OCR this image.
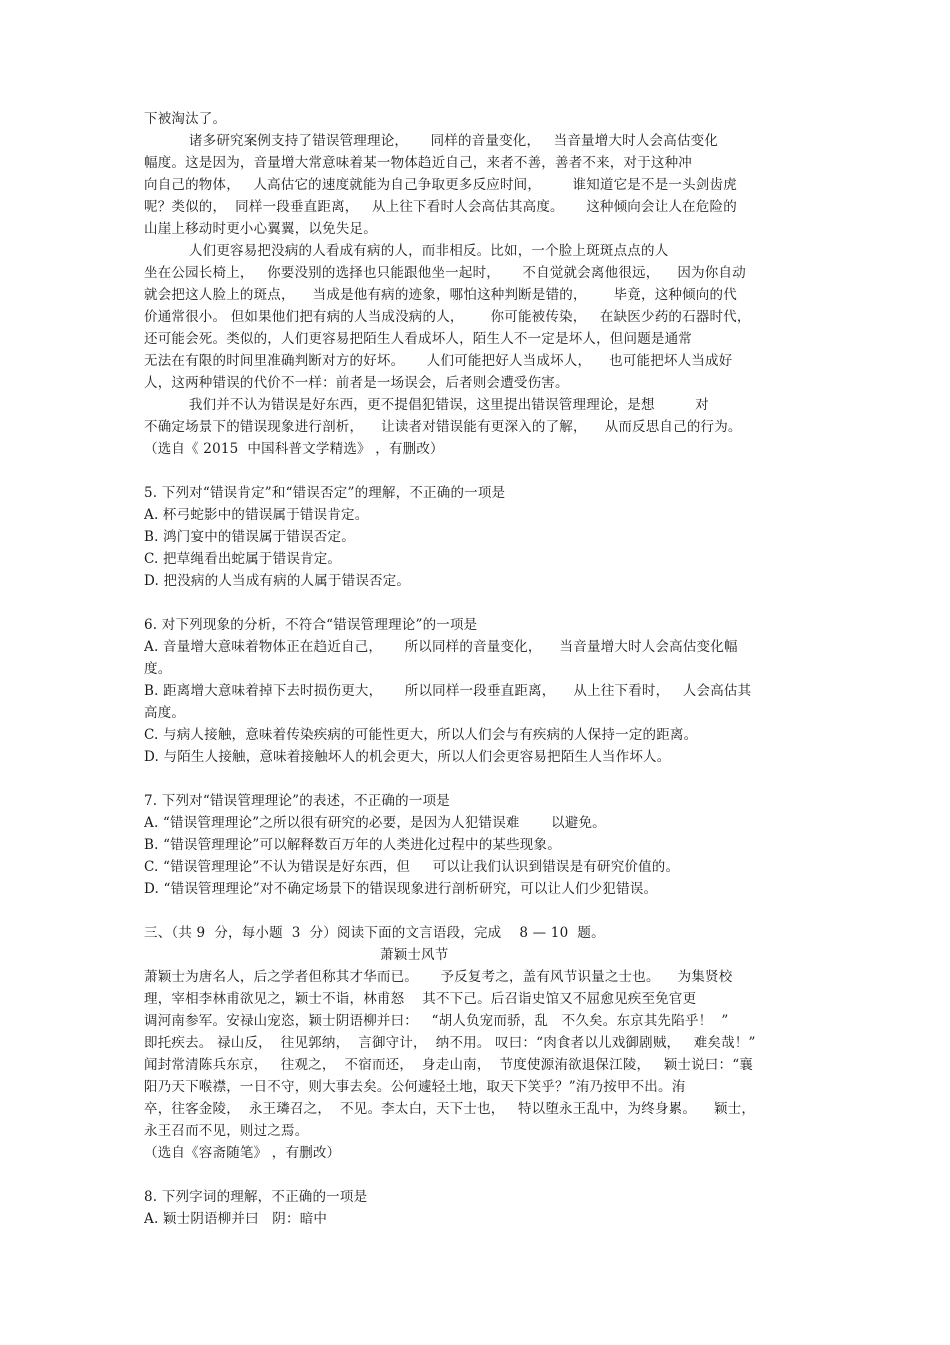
下被淘汰了。
诸多研究案例支持了错误管理理论，     同样的音量变化，   当音量增大时人会高估变化
幅度。这是因为，音量增大常意味着某一物体趋近自己，来者不善，善者不来，对于这种冲
向自己的物体，   人高估它的速度就能为自己争取更多反应时间，       谁知道它是不是一头剑齿虎
呢？类似的，  同样一段垂直距离，   从上往下看时人会高估其高度。     这种倾向会让人在危险的
山崖上移动时更小心翼翼，以免失足。
人们更容易把没病的人看成有病的人，而非相反。比如，一个脸上斑斑点点的人
坐在公园长椅上，   你要没别的选择也只能跟他坐一起时，     不自觉就会离他很远，    因为你自动
就会把这人脸上的斑点，    当成是他有病的迹象，哪怕这种判断是错的，      毕竟，这种倾向的代
价通常很小。 但如果他们把有病的人当成没病的人，      你可能被传染，   在缺医少药的石器时代，
还可能会死。类似的，人们更容易把陌生人看成坏人，陌生人不一定是坏人，但问题是通常
无法在有限的时间里准确判断对方的好坏。     人们可能把好人当成坏人，    也可能把坏人当成好
人，这两种错误的代价不一样：前者是一场误会，后者则会遭受伤害。
我们并不认为错误是好东西，更不提倡犯错误，这里提出错误管理理论，是想         对
不确定场景下的错误现象进行剖析，    让读者对错误能有更深入的了解，    从而反思自己的行为。
（选自《 2015  中国科普文学精选》 ，有删改）
5. 下列对“错误肯定”和“错误否定”的理解，不正确的一项是
A. 杯弓蛇影中的错误属于错误肯定。
B. 鸿门宴中的错误属于错误否定。
C. 把草绳看出蛇属于错误肯定。
D. 把没病的人当成有病的人属于错误否定。
6. 对下列现象的分析，不符合“错误管理理论”的一项是
A. 音量增大意味着物体正在趋近自己，     所以同样的音量变化，    当音量增大时人会高估变化幅
度。
B. 距离增大意味着掉下去时损伤更大，     所以同样一段垂直距离，    从上往下看时，   人会高估其
高度。
C. 与病人接触，意味着传染疾病的可能性更大，所以人们会与有疾病的人保持一定的距离。
D. 与陌生人接触，意味着接触坏人的机会更大，所以人们会更容易把陌生人当作坏人。
7. 下列对“错误管理理论”的表述，不正确的一项是
A. “错误管理理论”之所以很有研究的必要，是因为人犯错误难       以避免。
B. “错误管理理论”可以解释数百万年的人类进化过程中的某些现象。
C. “错误管理理论”不认为错误是好东西，但     可以让我们认识到错误是有研究价值的。
D. “错误管理理论”对不确定场景下的错误现象进行剖析研究，可以让人们少犯错误。
三、（共 9  分，每小题  3  分）阅读下面的文言语段，完成    8 — 10  题。
萧颖士风节
萧颖士为唐名人，后之学者但称其才华而已。     予反复考之，盖有风节识量之士也。    为集贤校
理，宰相李林甫欲见之，颖士不诣，林甫怒    其不下己。后召诣史馆又不屈愈见疾至免官更
调河南参军。安禄山宠恣，颖士阴语柳并曰：   “胡人负宠而骄，乱   不久矣。东京其先陷乎！  ”
即托疾去。 禄山反，  往见郭纳，  言御守计，  纳不用。 叹曰：“肉食者以儿戏御剧贼，   难矣哉！”
闻封常清陈兵东京，   往观之，  不宿而还，  身走山南，  节度使源洧欲退保江陵，   颖士说曰：“襄
阳乃天下喉襟，一日不守，则大事去矣。公何遽轻土地，取天下笑乎？”洧乃按甲不出。洧
卒，往客金陵，  永王璘召之，  不见。李太白，天下士也，   特以堕永王乱中，为终身累。    颖士，
永王召而不见，则过之焉。
（选自《容斋随笔》 ，有删改）
8. 下列字词的理解，不正确的一项是
A. 颖士阴语柳并曰   阴：暗中
